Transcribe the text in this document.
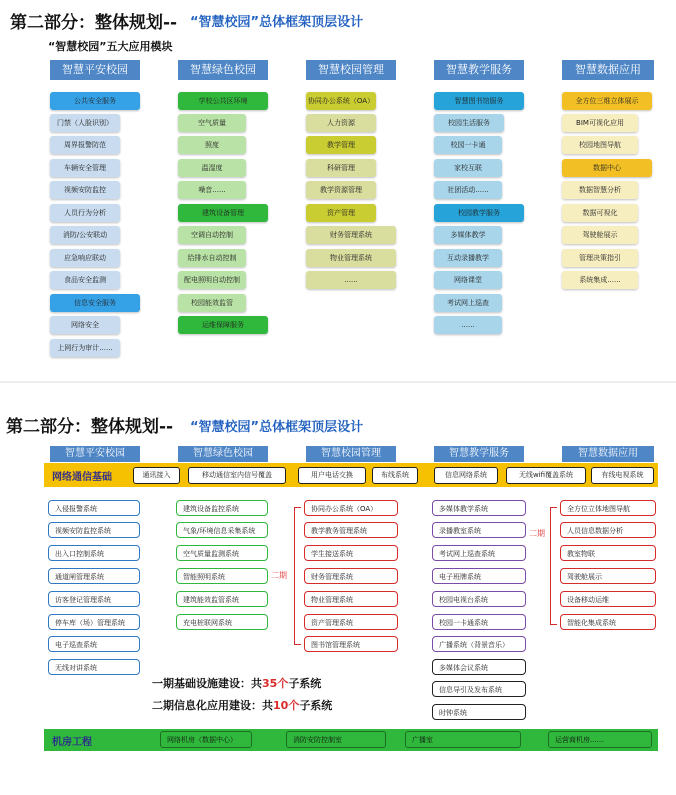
第二部分：整体规划-- “智慧校园”总体框架顶层设计
“智慧校园”五大应用模块
智慧平安校园	智慧绿色校园	智慧校园管理	智慧教学服务	智慧数据应用
公共安全服务
门禁（人脸识别）
周界报警防范
车辆安全管理
视频安防监控
人员行为分析
消防/公安联动
应急响应联动
食品安全监测
信息安全服务
网络安全
上网行为审计......
学校公共区环境
空气质量
照度
温湿度
噪音......
建筑设备管理
空调自动控制
给排水自动控制
配电照明自动控制
校园能效监管
运维保障服务
协同办公系统（OA）
人力资源
教学管理
科研管理
教学资源管理
资产管理
财务管理系统
物业管理系统
......
智慧图书馆服务
校园生活服务
校园一卡通
家校互联
社团活动......
校园教学服务
多媒体教学
互动录播教学
网络课堂
考试网上巡查
......
全方位三维立体展示
BIM可视化应用
校园地图导航
数据中心
数据智慧分析
数据可视化
驾驶舱展示
管理决策指引
系统集成......
第二部分：整体规划-- “智慧校园”总体框架顶层设计
智慧平安校园	智慧绿色校园	智慧校园管理	智慧教学服务	智慧数据应用
网络通信基础	通讯接入	移动通信室内信号覆盖	用户电话交换	布线系统	信息网络系统	无线wifi覆盖系统	有线电视系统
入侵报警系统
视频安防监控系统
出入口控制系统
通道闸管理系统
访客登记管理系统
停车库（场）管理系统
电子巡查系统
无线对讲系统
建筑设备监控系统
气象/环境信息采集系统
空气质量监测系统
智能照明系统
建筑能效监管系统
充电桩联网系统
二期
协同办公系统（OA）
教学教务管理系统
学生接送系统
财务管理系统
物业管理系统
资产管理系统
图书馆管理系统
多媒体教学系统
录播教室系统
考试网上巡查系统
电子班牌系统
校园电视台系统
校园一卡通系统
广播系统（背景音乐）
多媒体会议系统
信息导引及发布系统
时钟系统
二期
全方位立体地图导航
人员信息数据分析
教室物联
驾驶舱展示
设备移动运维
智能化集成系统
一期基础设施建设：共35个子系统
二期信息化应用建设：共10个子系统
机房工程	网络机房（数据中心）	消防安防控制室	广播室	运营商机房......
